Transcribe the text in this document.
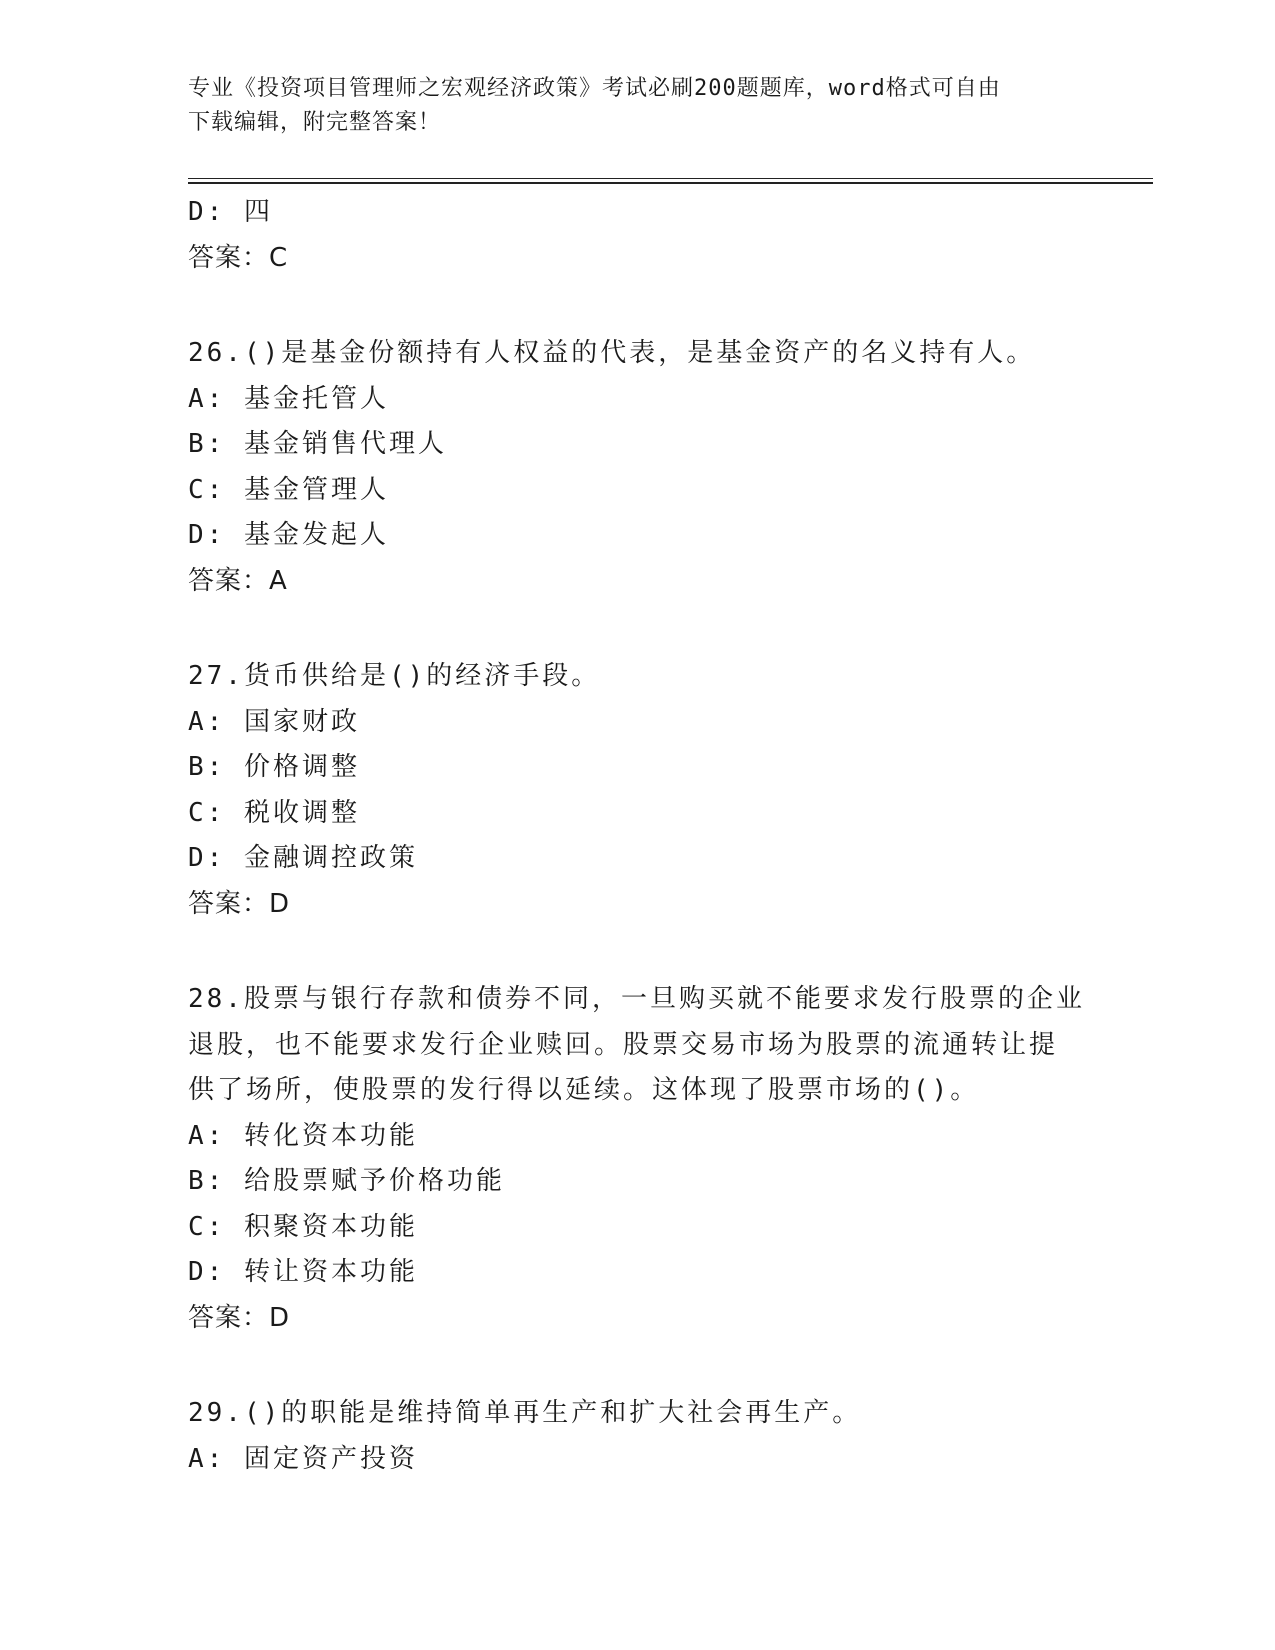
专业《投资项目管理师之宏观经济政策》考试必刷200题题库，word格式可自由
下载编辑，附完整答案！
D: 四
答案：C
26.()是基金份额持有人权益的代表，是基金资产的名义持有人。
A: 基金托管人
B: 基金销售代理人
C: 基金管理人
D: 基金发起人
答案：A
27.货币供给是()的经济手段。
A: 国家财政
B: 价格调整
C: 税收调整
D: 金融调控政策
答案：D
28.股票与银行存款和债券不同，一旦购买就不能要求发行股票的企业
退股，也不能要求发行企业赎回。股票交易市场为股票的流通转让提
供了场所，使股票的发行得以延续。这体现了股票市场的()。
A: 转化资本功能
B: 给股票赋予价格功能
C: 积聚资本功能
D: 转让资本功能
答案：D
29.()的职能是维持简单再生产和扩大社会再生产。
A: 固定资产投资
